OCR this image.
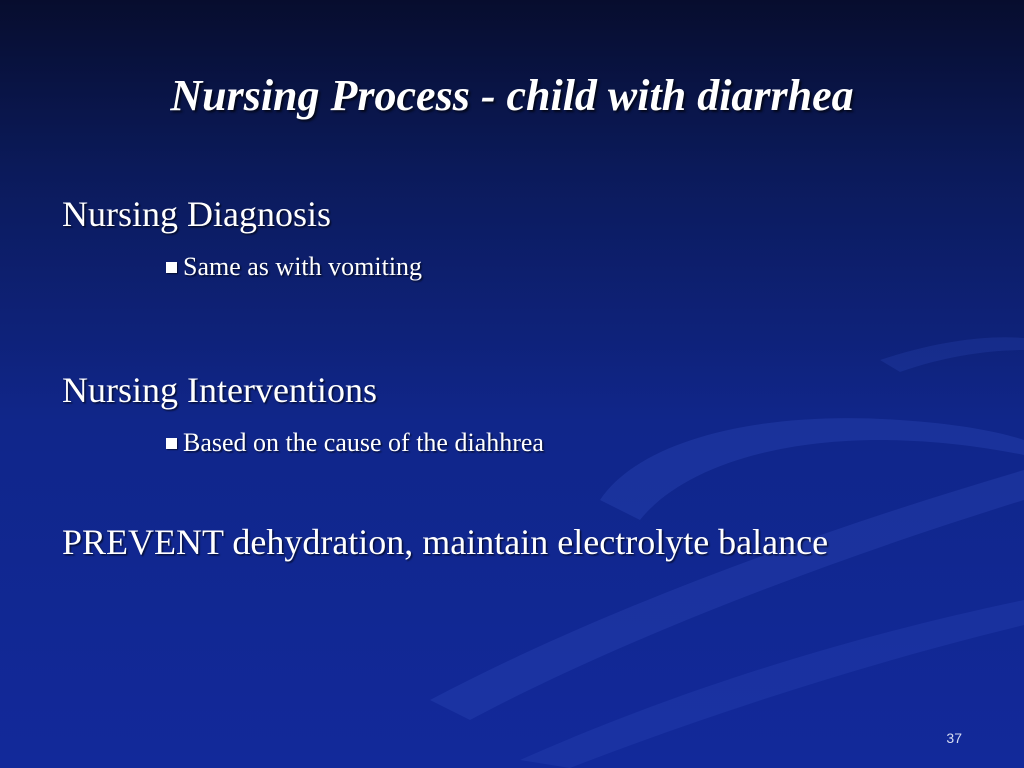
Nursing Process - child with diarrhea
Nursing Diagnosis
Same as with vomiting
Nursing Interventions
Based on the cause of the diahhrea
PREVENT dehydration, maintain electrolyte balance
37
